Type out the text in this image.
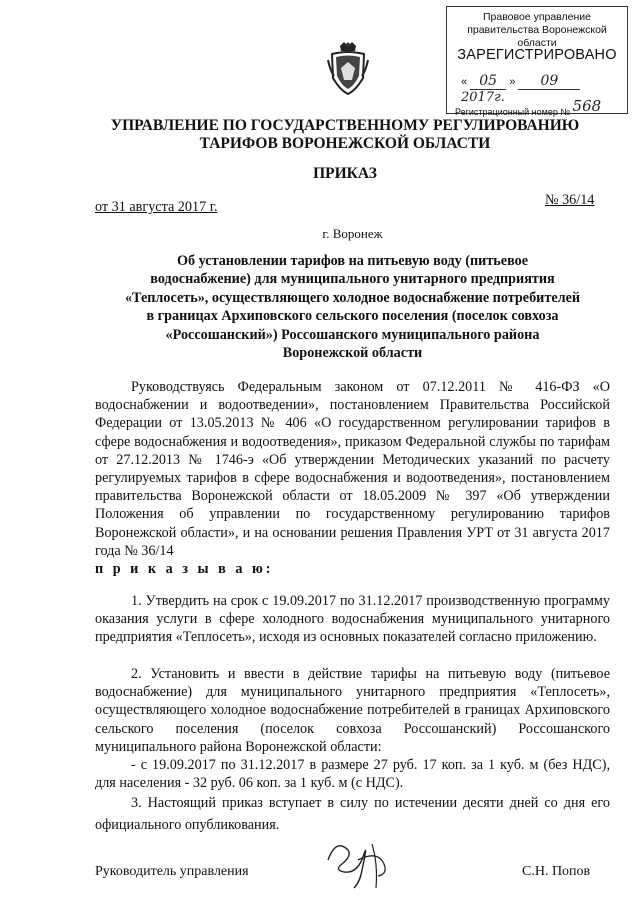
Правовое управление правительства Воронежской области
ЗАРЕГИСТРИРОВАНО
« 05 » 09 2017г.
Регистрационный номер № 568
УПРАВЛЕНИЕ ПО ГОСУДАРСТВЕННОМУ РЕГУЛИРОВАНИЮ
ТАРИФОВ ВОРОНЕЖСКОЙ ОБЛАСТИ
ПРИКАЗ
от 31 августа 2017 г.	№ 36/14
г. Воронеж
Об установлении тарифов на питьевую воду (питьевое
водоснабжение) для муниципального унитарного предприятия
«Теплосеть», осуществляющего холодное водоснабжение потребителей
в границах Архиповского сельского поселения (поселок совхоза
«Россошанский») Россошанского муниципального района
Воронежской области
Руководствуясь Федеральным законом от 07.12.2011 № 416-ФЗ «О водоснабжении и водоотведении», постановлением Правительства Российской Федерации от 13.05.2013 № 406 «О государственном регулировании тарифов в сфере водоснабжения и водоотведения», приказом Федеральной службы по тарифам от 27.12.2013 № 1746-э «Об утверждении Методических указаний по расчету регулируемых тарифов в сфере водоснабжения и водоотведения», постановлением правительства Воронежской области от 18.05.2009 № 397 «Об утверждении Положения об управлении по государственному регулированию тарифов Воронежской области», и на основании решения Правления УРТ от 31 августа 2017 года № 36/14
п р и к а з ы в а ю:
1. Утвердить на срок с 19.09.2017 по 31.12.2017 производственную программу оказания услуги в сфере холодного водоснабжения муниципального унитарного предприятия «Теплосеть», исходя из основных показателей согласно приложению.
2. Установить и ввести в действие тарифы на питьевую воду (питьевое водоснабжение) для муниципального унитарного предприятия «Теплосеть», осуществляющего холодное водоснабжение потребителей в границах Архиповского сельского поселения (поселок совхоза Россошанский) Россошанского муниципального района Воронежской области:
- с 19.09.2017 по 31.12.2017 в размере 27 руб. 17 коп. за 1 куб. м (без НДС), для населения - 32 руб. 06 коп. за 1 куб. м (с НДС).
3. Настоящий приказ вступает в силу по истечении десяти дней со дня его официального опубликования.
Руководитель управления	С.Н. Попов
